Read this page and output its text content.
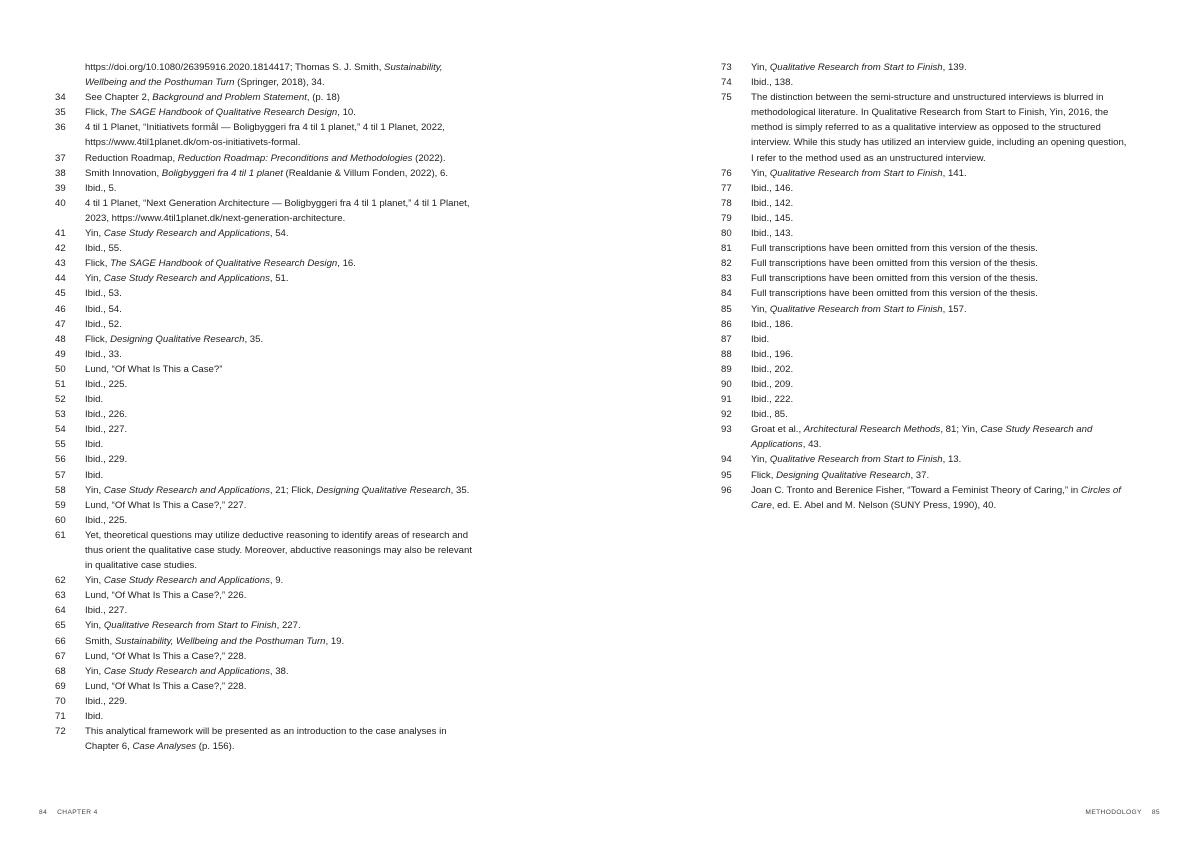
https://doi.org/10.1080/26395916.2020.1814417; Thomas S. J. Smith, Sustainability, Wellbeing and the Posthuman Turn (Springer, 2018), 34.

34	See Chapter 2, Background and Problem Statement, (p. 18)

35	Flick, The SAGE Handbook of Qualitative Research Design, 10.

36	4 til 1 Planet, “Initiativets formål — Boligbyggeri fra 4 til 1 planet,” 4 til 1 Planet, 2022, https://www.4til1planet.dk/om-os-initiativets-formal.

37	Reduction Roadmap, Reduction Roadmap: Preconditions and Methodologies (2022).

38	Smith Innovation, Boligbyggeri fra 4 til 1 planet (Realdanie & Villum Fonden, 2022), 6.

39	Ibid., 5.

40	4 til 1 Planet, “Next Generation Architecture — Boligbyggeri fra 4 til 1 planet,” 4 til 1 Planet, 2023, https://www.4til1planet.dk/next-generation-architecture.

41	Yin, Case Study Research and Applications, 54.

42	Ibid., 55.

43	Flick, The SAGE Handbook of Qualitative Research Design, 16.

44	Yin, Case Study Research and Applications, 51.

45	Ibid., 53.

46	Ibid., 54.

47	Ibid., 52.

48	Flick, Designing Qualitative Research, 35.

49	Ibid., 33.

50	Lund, “Of What Is This a Case?”

51	Ibid., 225.

52	Ibid.

53	Ibid., 226.

54	Ibid., 227.

55	Ibid.

56	Ibid., 229.

57	Ibid.

58	Yin, Case Study Research and Applications, 21; Flick, Designing Qualitative Research, 35.

59	Lund, “Of What Is This a Case?,” 227.

60	Ibid., 225.

61	Yet, theoretical questions may utilize deductive reasoning to identify areas of research and thus orient the qualitative case study. Moreover, abductive reasonings may also be relevant in qualitative case studies.

62	Yin, Case Study Research and Applications, 9.

63	Lund, “Of What Is This a Case?,” 226.

64	Ibid., 227.

65	Yin, Qualitative Research from Start to Finish, 227.

66	Smith, Sustainability, Wellbeing and the Posthuman Turn, 19.

67	Lund, “Of What Is This a Case?,” 228.

68	Yin, Case Study Research and Applications, 38.

69	Lund, “Of What Is This a Case?,” 228.

70	Ibid., 229.

71	Ibid.

72	This analytical framework will be presented as an introduction to the case analyses in Chapter 6, Case Analyses (p. 156).

73	Yin, Qualitative Research from Start to Finish, 139.

74	Ibid., 138.

75	The distinction between the semi-structure and unstructured interviews is blurred in methodological literature. In Qualitative Research from Start to Finish, Yin, 2016, the method is simply referred to as a qualitative interview as opposed to the structured interview. While this study has utilized an interview guide, including an opening question, I refer to the method used as an unstructured interview.

76	Yin, Qualitative Research from Start to Finish, 141.

77	Ibid., 146.

78	Ibid., 142.

79	Ibid., 145.

80	Ibid., 143.

81	Full transcriptions have been omitted from this version of the thesis.

82	Full transcriptions have been omitted from this version of the thesis.

83	Full transcriptions have been omitted from this version of the thesis.

84	Full transcriptions have been omitted from this version of the thesis.

85	Yin, Qualitative Research from Start to Finish, 157.

86	Ibid., 186.

87	Ibid.

88	Ibid., 196.

89	Ibid., 202.

90	Ibid., 209.

91	Ibid., 222.

92	Ibid., 85.

93	Groat et al., Architectural Research Methods, 81; Yin, Case Study Research and Applications, 43.

94	Yin, Qualitative Research from Start to Finish, 13.

95	Flick, Designing Qualitative Research, 37.

96	Joan C. Tronto and Berenice Fisher, “Toward a Feminist Theory of Caring,” in Circles of Care, ed. E. Abel and M. Nelson (SUNY Press, 1990), 40.

84 CHAPTER 4	METHODOLOGY 85
